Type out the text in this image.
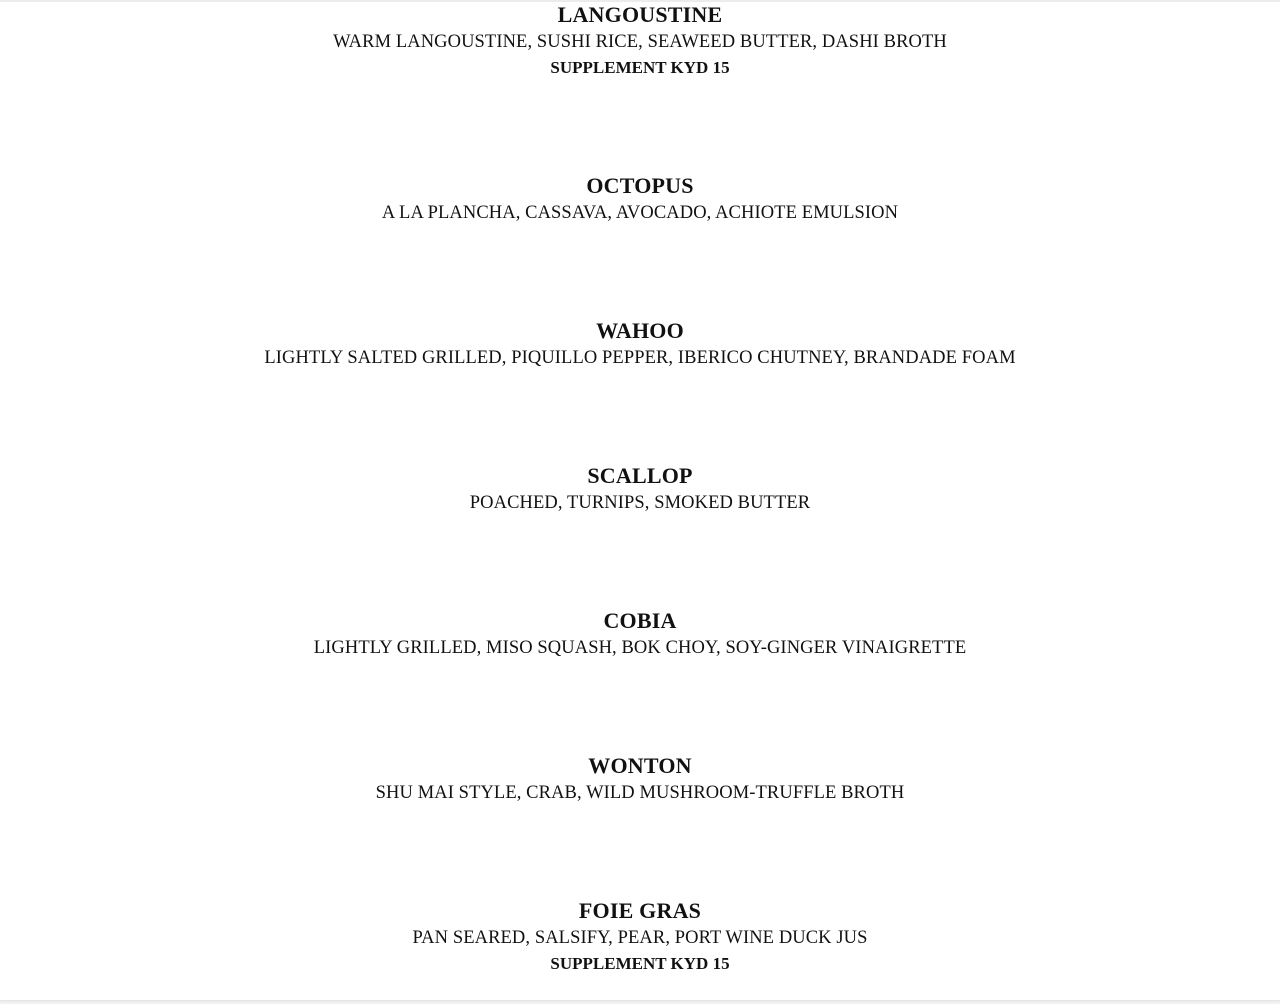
LANGOUSTINE
WARM LANGOUSTINE, SUSHI RICE, SEAWEED BUTTER, DASHI BROTH
SUPPLEMENT KYD 15
OCTOPUS
A LA PLANCHA, CASSAVA, AVOCADO, ACHIOTE EMULSION
WAHOO
LIGHTLY SALTED GRILLED, PIQUILLO PEPPER, IBERICO CHUTNEY, BRANDADE FOAM
SCALLOP
POACHED, TURNIPS, SMOKED BUTTER
COBIA
LIGHTLY GRILLED, MISO SQUASH, BOK CHOY, SOY-GINGER VINAIGRETTE
WONTON
SHU MAI STYLE, CRAB, WILD MUSHROOM-TRUFFLE BROTH
FOIE GRAS
PAN SEARED, SALSIFY, PEAR, PORT WINE DUCK JUS
SUPPLEMENT KYD 15
